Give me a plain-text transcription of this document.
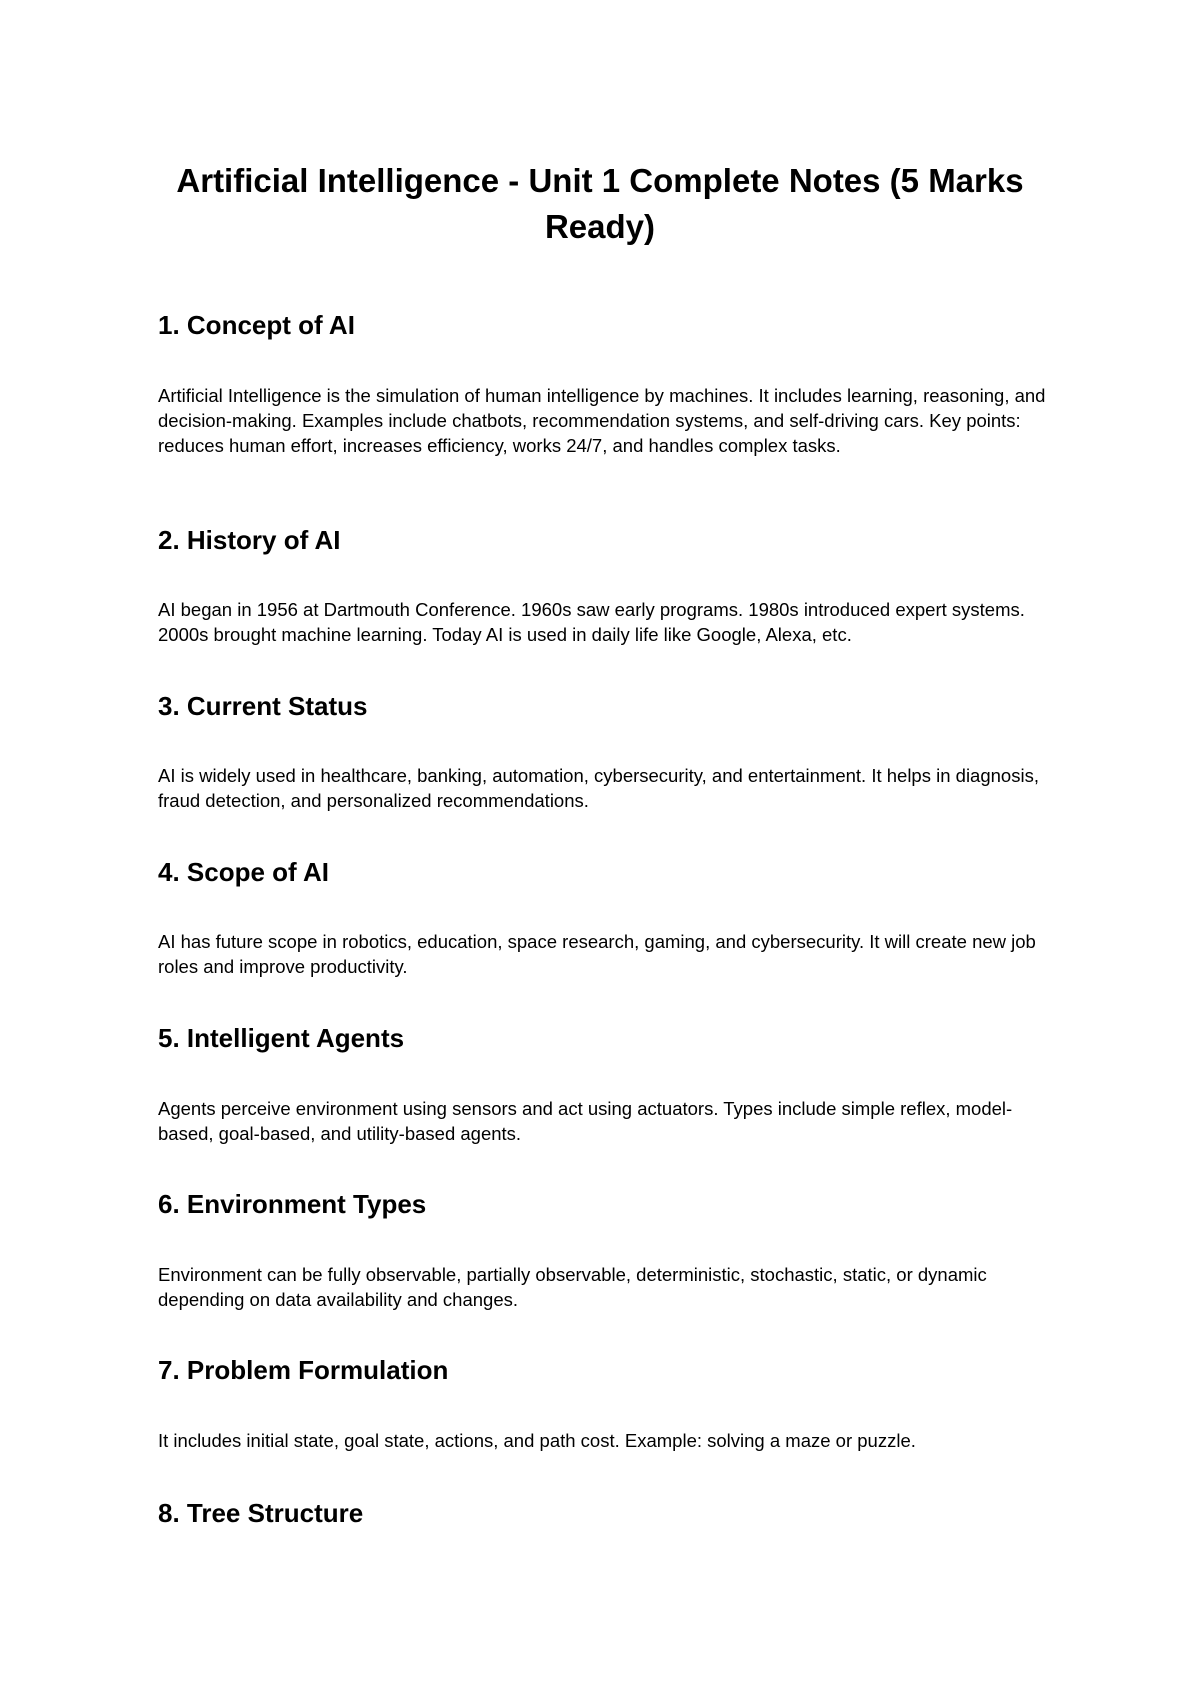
Artificial Intelligence - Unit 1 Complete Notes (5 Marks Ready)
1. Concept of AI

Artificial Intelligence is the simulation of human intelligence by machines. It includes learning, reasoning, and decision-making. Examples include chatbots, recommendation systems, and self-driving cars. Key points: reduces human effort, increases efficiency, works 24/7, and handles complex tasks.

2. History of AI

AI began in 1956 at Dartmouth Conference. 1960s saw early programs. 1980s introduced expert systems. 2000s brought machine learning. Today AI is used in daily life like Google, Alexa, etc.

3. Current Status

AI is widely used in healthcare, banking, automation, cybersecurity, and entertainment. It helps in diagnosis, fraud detection, and personalized recommendations.

4. Scope of AI

AI has future scope in robotics, education, space research, gaming, and cybersecurity. It will create new job roles and improve productivity.

5. Intelligent Agents

Agents perceive environment using sensors and act using actuators. Types include simple reflex, model-based, goal-based, and utility-based agents.

6. Environment Types

Environment can be fully observable, partially observable, deterministic, stochastic, static, or dynamic depending on data availability and changes.

7. Problem Formulation

It includes initial state, goal state, actions, and path cost. Example: solving a maze or puzzle.

8. Tree Structure
